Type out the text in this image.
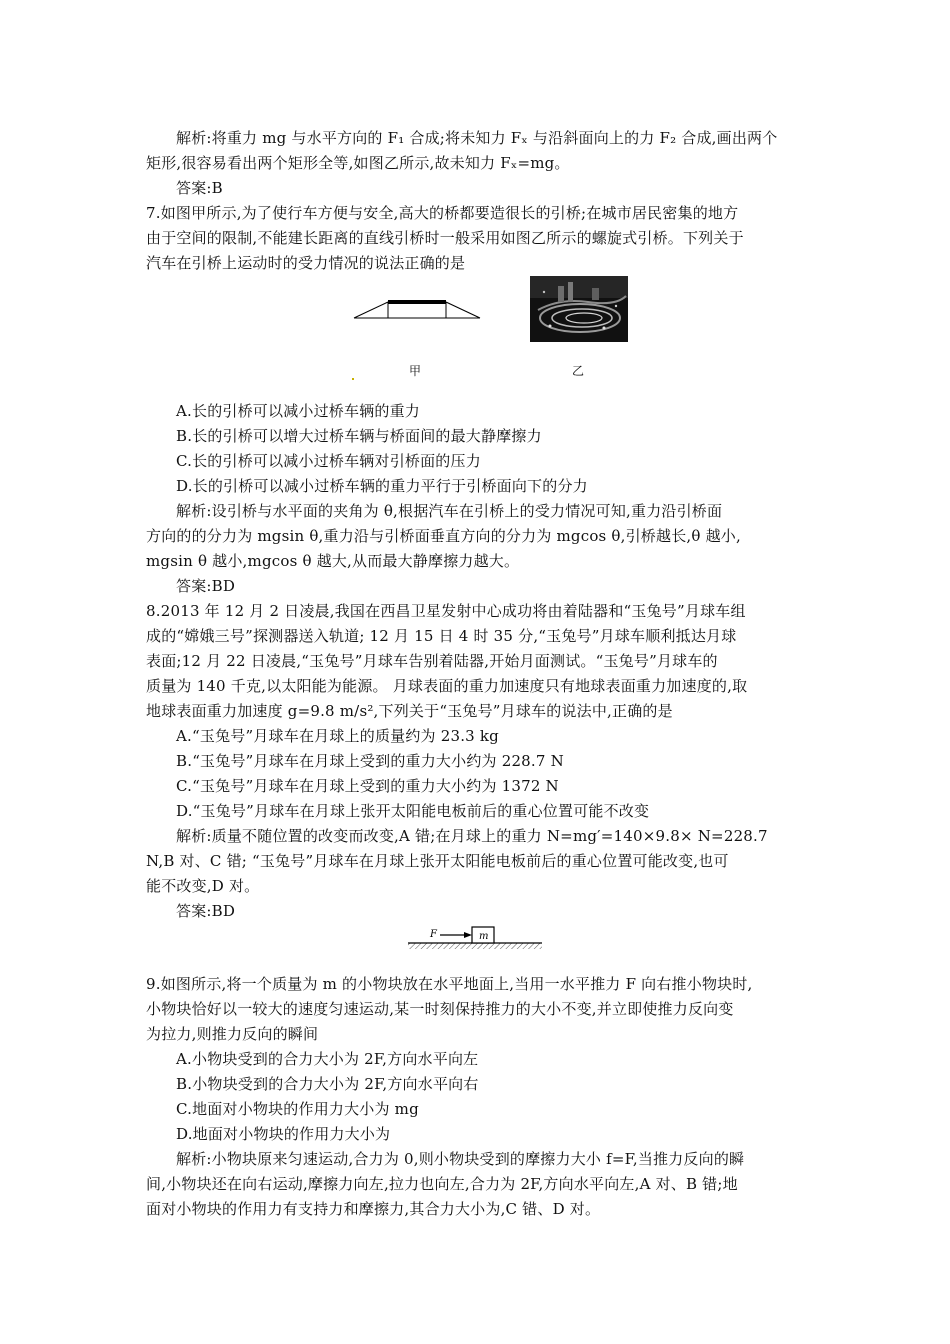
解析:将重力 mg 与水平方向的 F₁ 合成;将未知力 Fₓ 与沿斜面向上的力 F₂ 合成,画出两个
矩形,很容易看出两个矩形全等,如图乙所示,故未知力 Fₓ=mg。
答案:B
7.如图甲所示,为了使行车方便与安全,高大的桥都要造很长的引桥;在城市居民密集的地方
由于空间的限制,不能建长距离的直线引桥时一般采用如图乙所示的螺旋式引桥。下列关于
汽车在引桥上运动时的受力情况的说法正确的是
甲	乙
A.长的引桥可以减小过桥车辆的重力
B.长的引桥可以增大过桥车辆与桥面间的最大静摩擦力
C.长的引桥可以减小过桥车辆对引桥面的压力
D.长的引桥可以减小过桥车辆的重力平行于引桥面向下的分力
解析:设引桥与水平面的夹角为 θ,根据汽车在引桥上的受力情况可知,重力沿引桥面
方向的的分力为 mgsin θ,重力沿与引桥面垂直方向的分力为 mgcos θ,引桥越长,θ 越小,
mgsin θ 越小,mgcos θ 越大,从而最大静摩擦力越大。
答案:BD
8.2013 年 12 月 2 日凌晨,我国在西昌卫星发射中心成功将由着陆器和“玉兔号”月球车组
成的“嫦娥三号”探测器送入轨道; 12 月 15 日 4 时 35 分,“玉兔号”月球车顺利抵达月球
表面;12 月 22 日凌晨,“玉兔号”月球车告别着陆器,开始月面测试。“玉兔号”月球车的
质量为 140 千克,以太阳能为能源。 月球表面的重力加速度只有地球表面重力加速度的,取
地球表面重力加速度 g=9.8 m/s²,下列关于“玉兔号”月球车的说法中,正确的是
A.“玉兔号”月球车在月球上的质量约为 23.3 kg
B.“玉兔号”月球车在月球上受到的重力大小约为 228.7 N
C.“玉兔号”月球车在月球上受到的重力大小约为 1372 N
D.“玉兔号”月球车在月球上张开太阳能电板前后的重心位置可能不改变
解析:质量不随位置的改变而改变,A 错;在月球上的重力 N=mg′=140×9.8× N=228.7
N,B 对、C 错; “玉兔号”月球车在月球上张开太阳能电板前后的重心位置可能改变,也可
能不改变,D 对。
答案:BD
F	m
9.如图所示,将一个质量为 m 的小物块放在水平地面上,当用一水平推力 F 向右推小物块时,
小物块恰好以一较大的速度匀速运动,某一时刻保持推力的大小不变,并立即使推力反向变
为拉力,则推力反向的瞬间
A.小物块受到的合力大小为 2F,方向水平向左
B.小物块受到的合力大小为 2F,方向水平向右
C.地面对小物块的作用力大小为 mg
D.地面对小物块的作用力大小为
解析:小物块原来匀速运动,合力为 0,则小物块受到的摩擦力大小 f=F,当推力反向的瞬
间,小物块还在向右运动,摩擦力向左,拉力也向左,合力为 2F,方向水平向左,A 对、B 错;地
面对小物块的作用力有支持力和摩擦力,其合力大小为,C 错、D 对。
